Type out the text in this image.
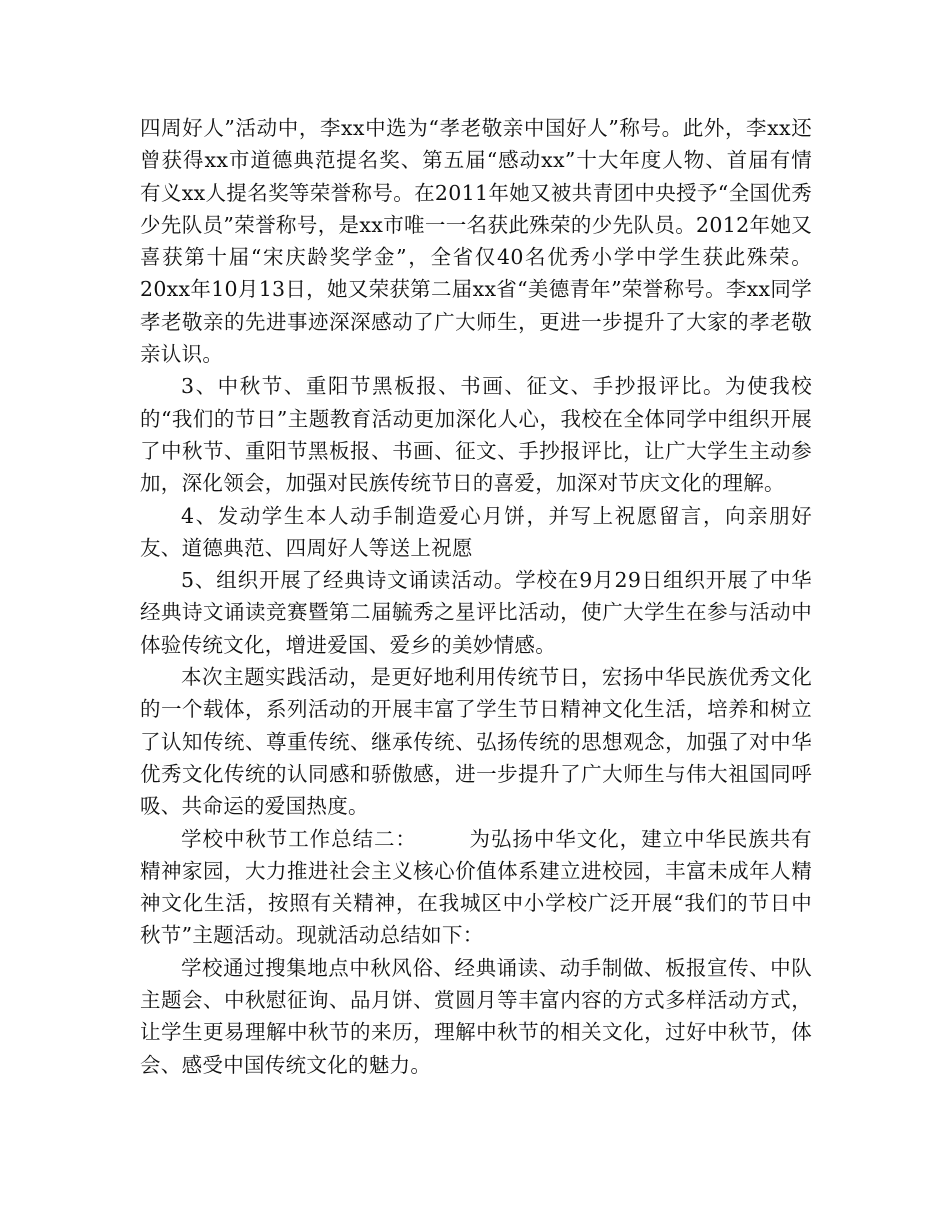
四周好人”活动中，李xx中选为“孝老敬亲中国好人”称号。此外，李xx还曾获得xx市道德典范提名奖、第五届“感动xx”十大年度人物、首届有情有义xx人提名奖等荣誉称号。在2011年她又被共青团中央授予“全国优秀少先队员”荣誉称号，是xx市唯一一名获此殊荣的少先队员。2012年她又喜获第十届“宋庆龄奖学金”，全省仅40名优秀小学中学生获此殊荣。20xx年10月13日，她又荣获第二届xx省“美德青年”荣誉称号。李xx同学孝老敬亲的先进事迹深深感动了广大师生，更进一步提升了大家的孝老敬亲认识。

3、中秋节、重阳节黑板报、书画、征文、手抄报评比。为使我校的“我们的节日”主题教育活动更加深化人心，我校在全体同学中组织开展了中秋节、重阳节黑板报、书画、征文、手抄报评比，让广大学生主动参加，深化领会，加强对民族传统节日的喜爱，加深对节庆文化的理解。

4、发动学生本人动手制造爱心月饼，并写上祝愿留言，向亲朋好友、道德典范、四周好人等送上祝愿

5、组织开展了经典诗文诵读活动。学校在9月29日组织开展了中华经典诗文诵读竞赛暨第二届毓秀之星评比活动，使广大学生在参与活动中体验传统文化，增进爱国、爱乡的美妙情感。

本次主题实践活动，是更好地利用传统节日，宏扬中华民族优秀文化的一个载体，系列活动的开展丰富了学生节日精神文化生活，培养和树立了认知传统、尊重传统、继承传统、弘扬传统的思想观念，加强了对中华优秀文化传统的认同感和骄傲感，进一步提升了广大师生与伟大祖国同呼吸、共命运的爱国热度。

学校中秋节工作总结二：	为弘扬中华文化，建立中华民族共有精神家园，大力推进社会主义核心价值体系建立进校园，丰富未成年人精神文化生活，按照有关精神，在我城区中小学校广泛开展“我们的节日中秋节”主题活动。现就活动总结如下：

学校通过搜集地点中秋风俗、经典诵读、动手制做、板报宣传、中队主题会、中秋慰征询、品月饼、赏圆月等丰富内容的方式多样活动方式，让学生更易理解中秋节的来历，理解中秋节的相关文化，过好中秋节，体会、感受中国传统文化的魅力。
